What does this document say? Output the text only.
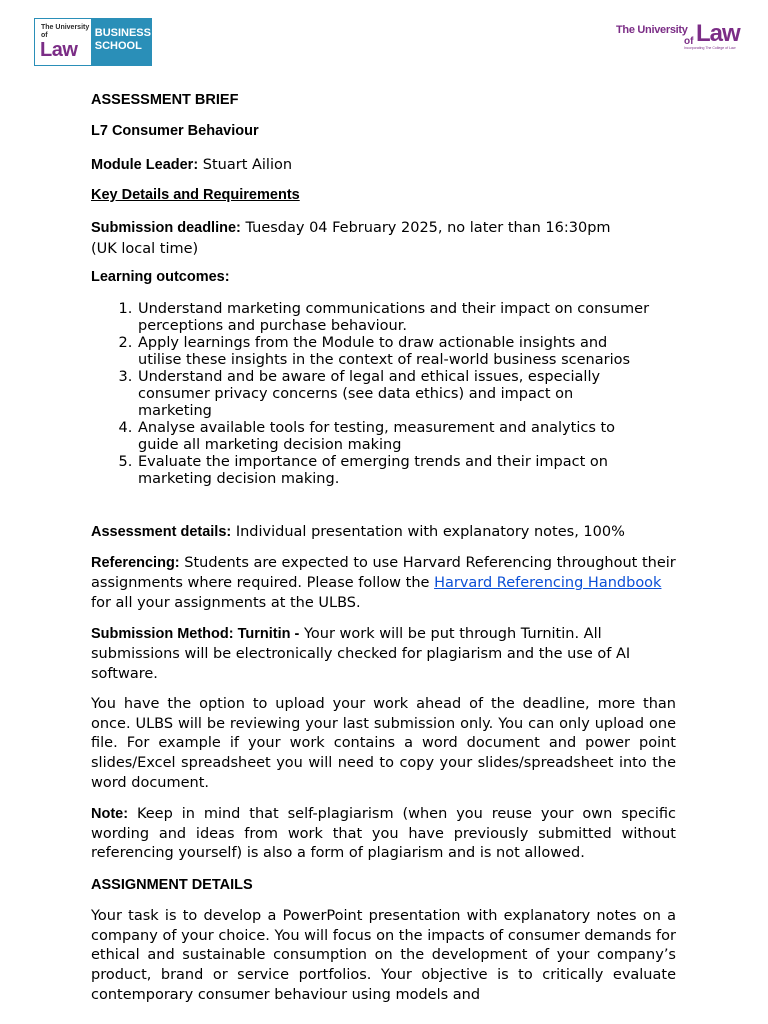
The University of
Law
BUSINESS SCHOOL
The University
of Law
Incorporating The College of Law

ASSESSMENT BRIEF

L7 Consumer Behaviour

Module Leader: Stuart Ailion

Key Details and Requirements

Submission deadline: Tuesday 04 February 2025, no later than 16:30pm
(UK local time)

Learning outcomes:

1. Understand marketing communications and their impact on consumer perceptions and purchase behaviour.
2. Apply learnings from the Module to draw actionable insights and utilise these insights in the context of real-world business scenarios
3. Understand and be aware of legal and ethical issues, especially consumer privacy concerns (see data ethics) and impact on marketing
4. Analyse available tools for testing, measurement and analytics to guide all marketing decision making
5. Evaluate the importance of emerging trends and their impact on marketing decision making.

Assessment details: Individual presentation with explanatory notes, 100%

Referencing: Students are expected to use Harvard Referencing throughout their assignments where required. Please follow the Harvard Referencing Handbook for all your assignments at the ULBS.

Submission Method: Turnitin - Your work will be put through Turnitin. All submissions will be electronically checked for plagiarism and the use of AI software.

You have the option to upload your work ahead of the deadline, more than once. ULBS will be reviewing your last submission only. You can only upload one file. For example if your work contains a word document and power point slides/Excel spreadsheet you will need to copy your slides/spreadsheet into the word document.

Note: Keep in mind that self-plagiarism (when you reuse your own specific wording and ideas from work that you have previously submitted without referencing yourself) is also a form of plagiarism and is not allowed.

ASSIGNMENT DETAILS

Your task is to develop a PowerPoint presentation with explanatory notes on a company of your choice. You will focus on the impacts of consumer demands for ethical and sustainable consumption on the development of your company’s product, brand or service portfolios. Your objective is to critically evaluate contemporary consumer behaviour using models and
